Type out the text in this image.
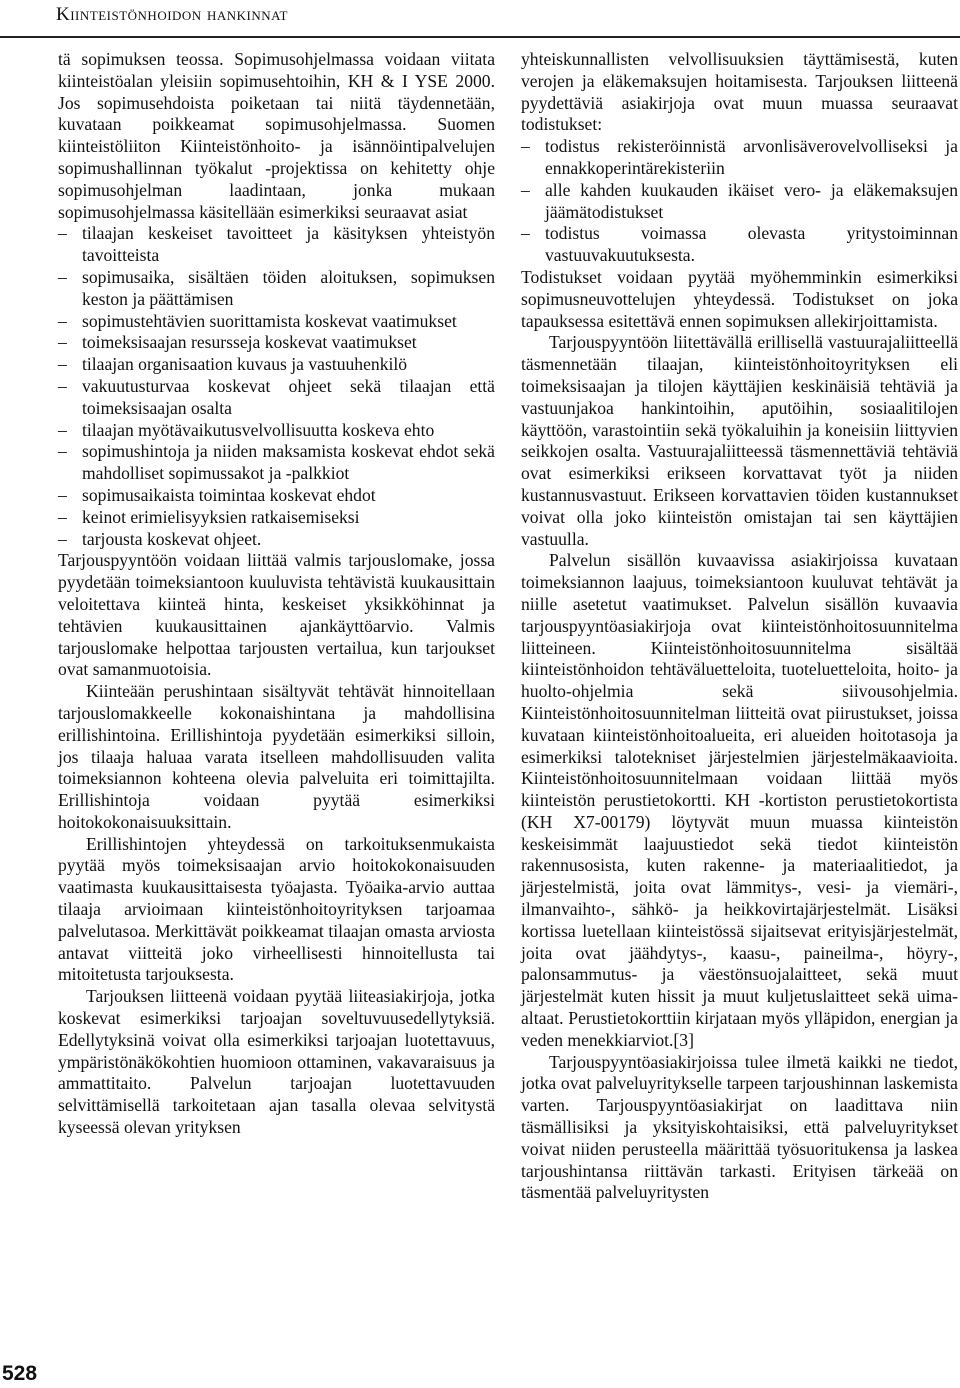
Kiinteistönhoidon hankinnat

tä sopimuksen teossa. Sopimusohjelmassa voidaan viitata kiinteistöalan yleisiin sopimusehtoihin, KH & I YSE 2000. Jos sopimusehdoista poiketaan tai niitä täydennetään, kuvataan poikkeamat sopimusohjelmassa. Suomen kiinteistöliiton Kiinteistönhoito- ja isännöintipalvelujen sopimushallinnan työkalut -projektissa on kehitetty ohje sopimusohjelman laadintaan, jonka mukaan sopimusohjelmassa käsitellään esimerkiksi seuraavat asiat

– tilaajan keskeiset tavoitteet ja käsityksen yhteistyön tavoitteista
– sopimusaika, sisältäen töiden aloituksen, sopimuksen keston ja päättämisen
– sopimustehtävien suorittamista koskevat vaatimukset
– toimeksisaajan resursseja koskevat vaatimukset
– tilaajan organisaation kuvaus ja vastuuhenkilö
– vakuutusturvaa koskevat ohjeet sekä tilaajan että toimeksisaajan osalta
– tilaajan myötävaikutusvelvollisuutta koskeva ehto
– sopimushintoja ja niiden maksamista koskevat ehdot sekä mahdolliset sopimussakot ja -palkkiot
– sopimusaikaista toimintaa koskevat ehdot
– keinot erimielisyyksien ratkaisemiseksi
– tarjousta koskevat ohjeet.

Tarjouspyyntöön voidaan liittää valmis tarjouslomake, jossa pyydetään toimeksiantoon kuuluvista tehtävistä kuukausittain veloitettava kiinteä hinta, keskeiset yksikköhinnat ja tehtävien kuukausittainen ajankäyttöarvio. Valmis tarjouslomake helpottaa tarjousten vertailua, kun tarjoukset ovat samanmuotoisia.

Kiinteään perushintaan sisältyvät tehtävät hinnoitellaan tarjouslomakkeelle kokonaishintana ja mahdollisina erillishintoina. Erillishintoja pyydetään esimerkiksi silloin, jos tilaaja haluaa varata itselleen mahdollisuuden valita toimeksiannon kohteena olevia palveluita eri toimittajilta. Erillishintoja voidaan pyytää esimerkiksi hoitokokonaisuuksittain.

Erillishintojen yhteydessä on tarkoituksenmukaista pyytää myös toimeksisaajan arvio hoitokokonaisuuden vaatimasta kuukausittaisesta työajasta. Työaika-arvio auttaa tilaaja arvioimaan kiinteistönhoitoyrityksen tarjoamaa palvelutasoa. Merkittävät poikkeamat tilaajan omasta arviosta antavat viitteitä joko virheellisesti hinnoitellusta tai mitoitetusta tarjouksesta.

Tarjouksen liitteenä voidaan pyytää liiteasiakirjoja, jotka koskevat esimerkiksi tarjoajan soveltuvuusedellytyksiä. Edellytyksinä voivat olla esimerkiksi tarjoajan luotettavuus, ympäristönäkökohtien huomioon ottaminen, vakavaraisuus ja ammattitaito. Palvelun tarjoajan luotettavuuden selvittämisellä tarkoitetaan ajan tasalla olevaa selvitystä kyseessä olevan yrityksen

yhteiskunnallisten velvollisuuksien täyttämisestä, kuten verojen ja eläkemaksujen hoitamisesta. Tarjouksen liitteenä pyydettäviä asiakirjoja ovat muun muassa seuraavat todistukset:

– todistus rekisteröinnistä arvonlisäverovelvolliseksi ja ennakkoperintärekisteriin
– alle kahden kuukauden ikäiset vero- ja eläkemaksujen jäämätodistukset
– todistus voimassa olevasta yritystoiminnan vastuuvakuutuksesta.

Todistukset voidaan pyytää myöhemminkin esimerkiksi sopimusneuvottelujen yhteydessä. Todistukset on joka tapauksessa esitettävä ennen sopimuksen allekirjoittamista.

Tarjouspyyntöön liitettävällä erillisellä vastuurajaliitteellä täsmennetään tilaajan, kiinteistönhoitoyrityksen eli toimeksisaajan ja tilojen käyttäjien keskinäisiä tehtäviä ja vastuunjakoa hankintoihin, aputöihin, sosiaalitilojen käyttöön, varastointiin sekä työkaluihin ja koneisiin liittyvien seikkojen osalta. Vastuurajaliitteessä täsmennettäviä tehtäviä ovat esimerkiksi erikseen korvattavat työt ja niiden kustannusvastuut. Erikseen korvattavien töiden kustannukset voivat olla joko kiinteistön omistajan tai sen käyttäjien vastuulla.

Palvelun sisällön kuvaavissa asiakirjoissa kuvataan toimeksiannon laajuus, toimeksiantoon kuuluvat tehtävät ja niille asetetut vaatimukset. Palvelun sisällön kuvaavia tarjouspyyntöasiakirjoja ovat kiinteistönhoitosuunnitelma liitteineen. Kiinteistönhoitosuunnitelma sisältää kiinteistönhoidon tehtäväluetteloita, tuoteluetteloita, hoito- ja huolto-ohjelmia sekä siivousohjelmia. Kiinteistönhoitosuunnitelman liitteitä ovat piirustukset, joissa kuvataan kiinteistönhoitoalueita, eri alueiden hoitotasoja ja esimerkiksi talotekniset järjestelmien järjestelmäkaavioita. Kiinteistönhoitosuunnitelmaan voidaan liittää myös kiinteistön perustietokortti. KH -kortiston perustietokortista (KH X7-00179) löytyvät muun muassa kiinteistön keskeisimmät laajuustiedot sekä tiedot kiinteistön rakennusosista, kuten rakenne- ja materiaalitiedot, ja järjestelmistä, joita ovat lämmitys-, vesi- ja viemäri-, ilmanvaihto-, sähkö- ja heikkovirtajärjestelmät. Lisäksi kortissa luetellaan kiinteistössä sijaitsevat erityisjärjestelmät, joita ovat jäähdytys-, kaasu-, paineilma-, höyry-, palonsammutus- ja väestönsuojalaitteet, sekä muut järjestelmät kuten hissit ja muut kuljetuslaitteet sekä uima-altaat. Perustietokorttiin kirjataan myös ylläpidon, energian ja veden menekkiarviot.[3]

Tarjouspyyntöasiakirjoissa tulee ilmetä kaikki ne tiedot, jotka ovat palveluyritykselle tarpeen tarjoushinnan laskemista varten. Tarjouspyyntöasiakirjat on laadittava niin täsmällisiksi ja yksityiskohtaisiksi, että palveluyritykset voivat niiden perusteella määrittää työsuoritukensa ja laskea tarjoushintansa riittävän tarkasti. Erityisen tärkeää on täsmentää palveluyritysten

528
